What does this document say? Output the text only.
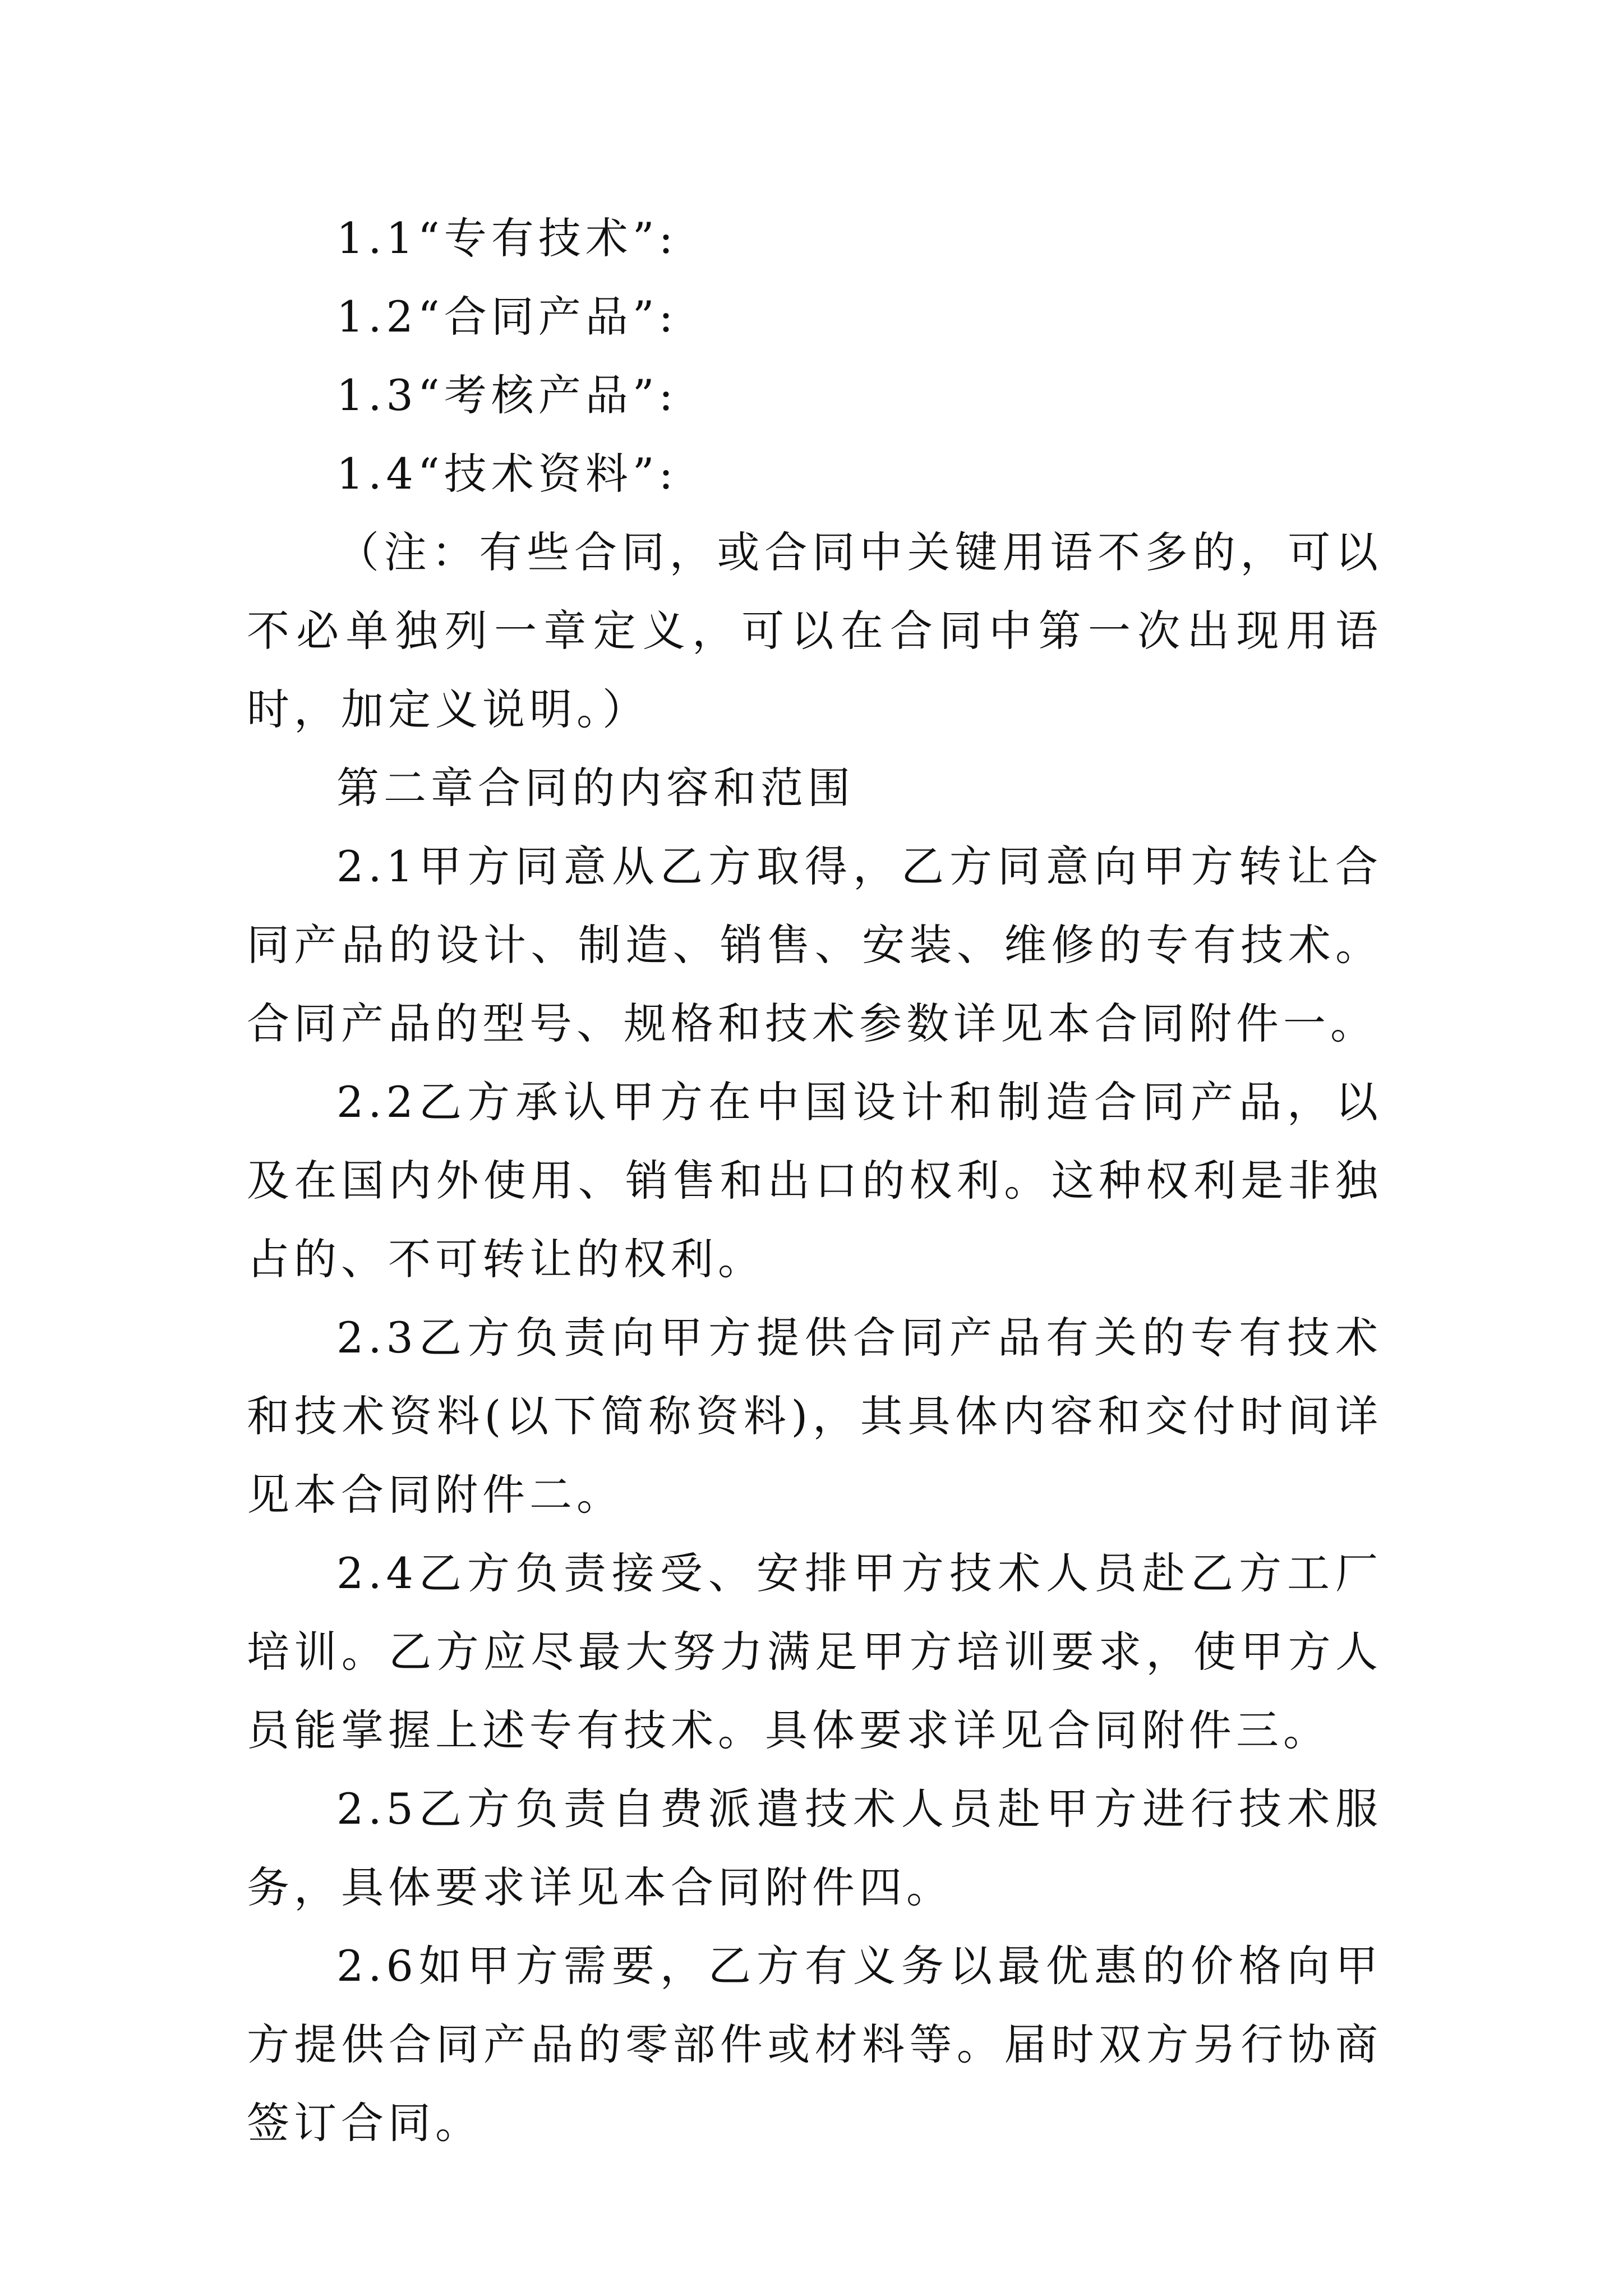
1.1“专有技术”:
1.2“合同产品”:
1.3“考核产品”:
1.4“技术资料”:

（注：有些合同，或合同中关键用语不多的，可以不必单独列一章定义，可以在合同中第一次出现用语时，加定义说明。）

第二章合同的内容和范围

2.1甲方同意从乙方取得，乙方同意向甲方转让合同产品的设计、制造、销售、安装、维修的专有技术。合同产品的型号、规格和技术参数详见本合同附件一。

2.2乙方承认甲方在中国设计和制造合同产品，以及在国内外使用、销售和出口的权利。这种权利是非独占的、不可转让的权利。

2.3乙方负责向甲方提供合同产品有关的专有技术和技术资料(以下简称资料)，其具体内容和交付时间详见本合同附件二。

2.4乙方负责接受、安排甲方技术人员赴乙方工厂培训。乙方应尽最大努力满足甲方培训要求，使甲方人员能掌握上述专有技术。具体要求详见合同附件三。

2.5乙方负责自费派遣技术人员赴甲方进行技术服务，具体要求详见本合同附件四。

2.6如甲方需要，乙方有义务以最优惠的价格向甲方提供合同产品的零部件或材料等。届时双方另行协商签订合同。
